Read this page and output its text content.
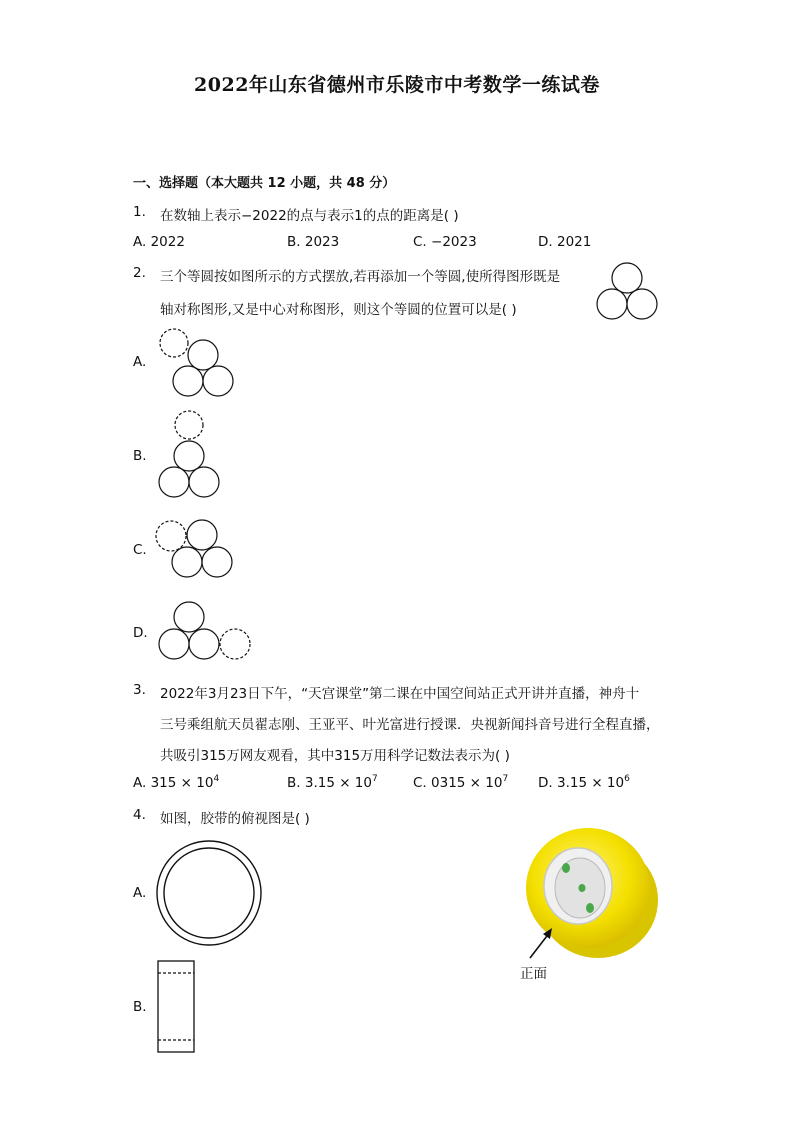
2022年山东省德州市乐陵市中考数学一练试卷
一、选择题（本大题共 12 小题，共 48 分）
1. 在数轴上表示−2022的点与表示1的点的距离是( )
A. 2022	B. 2023	C. −2023	D. 2021
2. 三个等圆按如图所示的方式摆放,若再添加一个等圆,使所得图形既是
轴对称图形,又是中心对称图形，则这个等圆的位置可以是( )
A.
B.
C.
D.
3. 2022年3月23日下午，“天宫课堂”第二课在中国空间站正式开讲并直播，神舟十
三号乘组航天员翟志刚、王亚平、叶光富进行授课．央视新闻抖音号进行全程直播，
共吸引315万网友观看，其中315万用科学记数法表示为( )
A. $315 \times 10^4$	B. $3.15 \times 10^7$	C. $0315 \times 10^7$ D. $3.15 \times 10^6$
4. 如图，胶带的俯视图是( )
正面
A.
B.
